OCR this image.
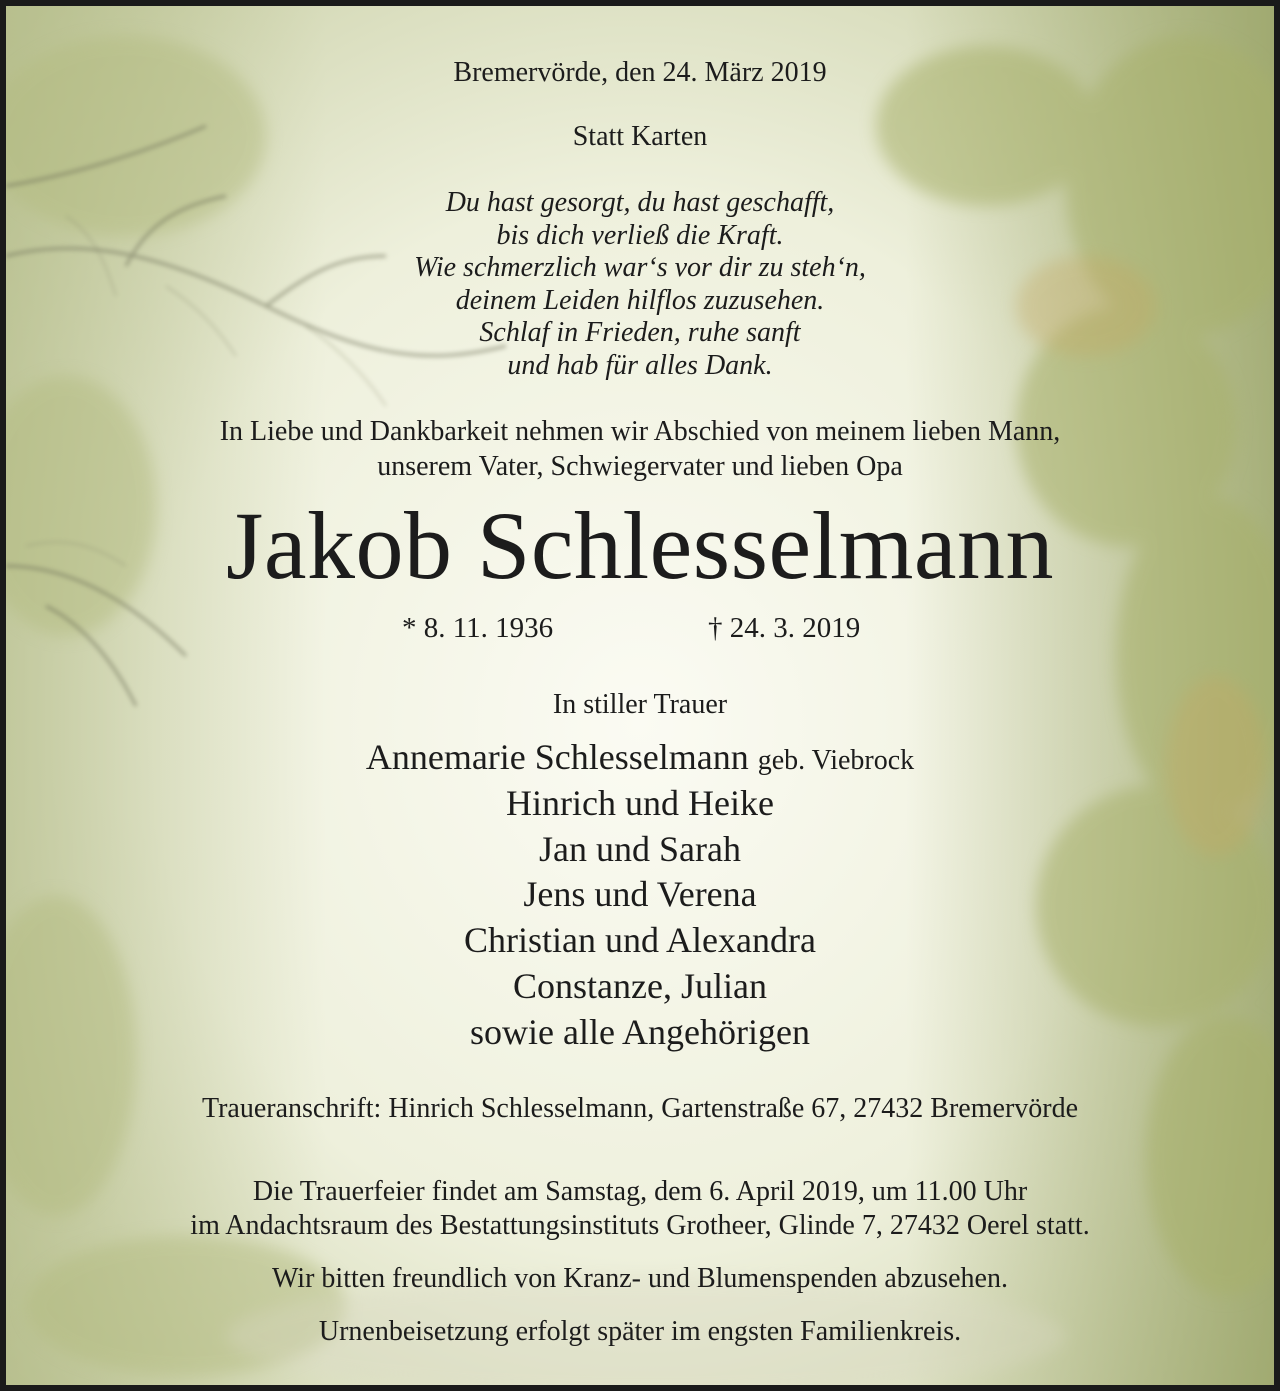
Bremervörde, den 24. März 2019
Statt Karten
Du hast gesorgt, du hast geschafft,
bis dich verließ die Kraft.
Wie schmerzlich war‘s vor dir zu steh‘n,
deinem Leiden hilflos zuzusehen.
Schlaf in Frieden, ruhe sanft
und hab für alles Dank.
In Liebe und Dankbarkeit nehmen wir Abschied von meinem lieben Mann,
unserem Vater, Schwiegervater und lieben Opa
Jakob Schlesselmann
* 8. 11. 1936	† 24. 3. 2019
In stiller Trauer
Annemarie Schlesselmann geb. Viebrock
Hinrich und Heike
Jan und Sarah
Jens und Verena
Christian und Alexandra
Constanze, Julian
sowie alle Angehörigen
Traueranschrift: Hinrich Schlesselmann, Gartenstraße 67, 27432 Bremervörde
Die Trauerfeier findet am Samstag, dem 6. April 2019, um 11.00 Uhr
im Andachtsraum des Bestattungsinstituts Grotheer, Glinde 7, 27432 Oerel statt.
Wir bitten freundlich von Kranz- und Blumenspenden abzusehen.
Urnenbeisetzung erfolgt später im engsten Familienkreis.
